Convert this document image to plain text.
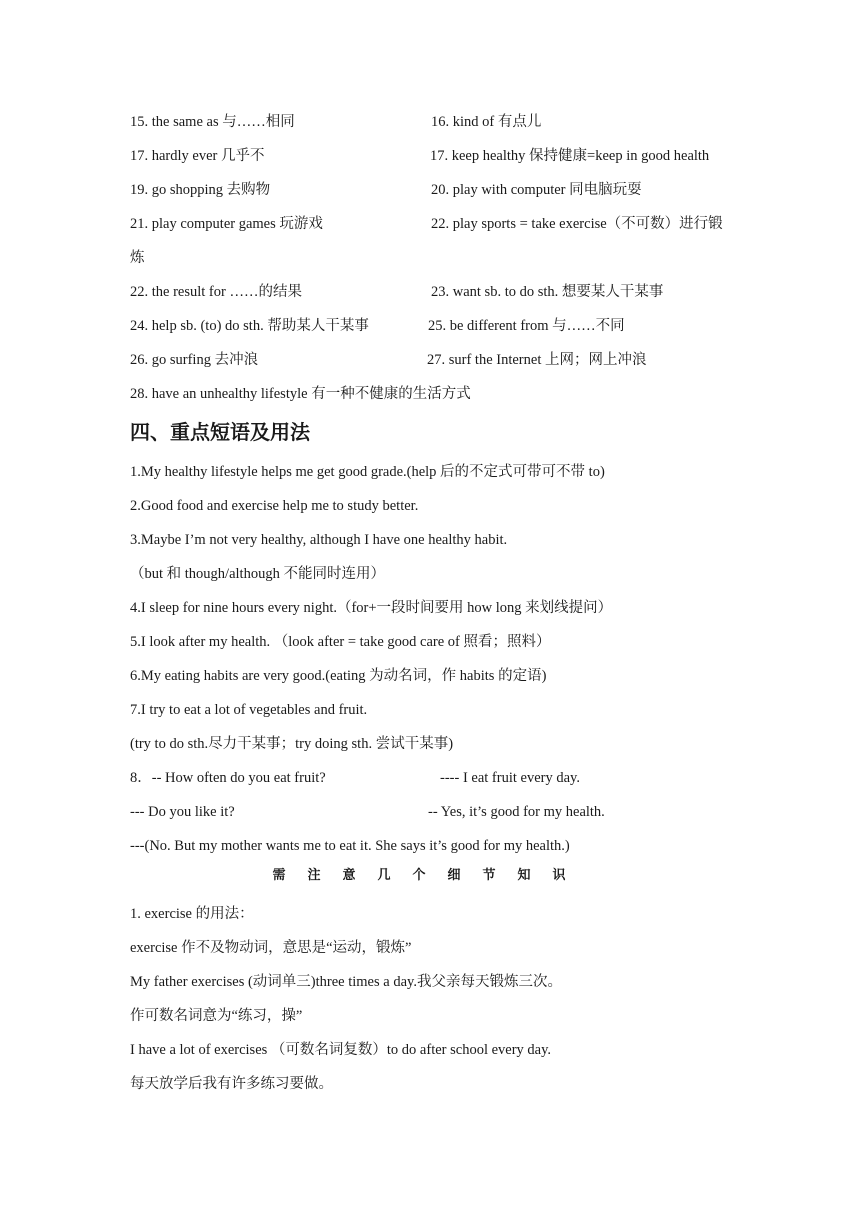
15. the same as 与……相同	16. kind of 有点儿
17. hardly ever 几乎不	17. keep healthy 保持健康=keep in good health
19. go shopping 去购物	20. play with computer 同电脑玩耍
21. play computer games 玩游戏	22. play sports = take exercise（不可数）进行锻
炼
22. the result for ……的结果	23. want sb. to do sth. 想要某人干某事
24. help sb. (to) do sth. 帮助某人干某事	25. be different from 与……不同
26. go surfing 去冲浪	27. surf the Internet 上网；网上冲浪
28. have an unhealthy lifestyle 有一种不健康的生活方式
四、重点短语及用法
1.My healthy lifestyle helps me get good grade.(help 后的不定式可带可不带 to)
2.Good food and exercise help me to study better.
3.Maybe I’m not very healthy, although I have one healthy habit.
（but 和 though/although 不能同时连用）
4.I sleep for nine hours every night.（for+一段时间要用 how long 来划线提问）
5.I look after my health. （look after = take good care of 照看；照料）
6.My eating habits are very good.(eating 为动名词，作 habits 的定语)
7.I try to eat a lot of vegetables and fruit.
(try to do sth.尽力干某事；try doing sth. 尝试干某事)
8．-- How often do you eat fruit?	---- I eat fruit every day.
--- Do you like it?	-- Yes, it’s good for my health.
---(No. But my mother wants me to eat it. She says it’s good for my health.)
需注意几个细节知识
1. exercise 的用法：
exercise 作不及物动词，意思是“运动，锻炼”
My father exercises (动词单三)three times a day.我父亲每天锻炼三次。
作可数名词意为“练习，操”
I have a lot of exercises （可数名词复数）to do after school every day.
每天放学后我有许多练习要做。
